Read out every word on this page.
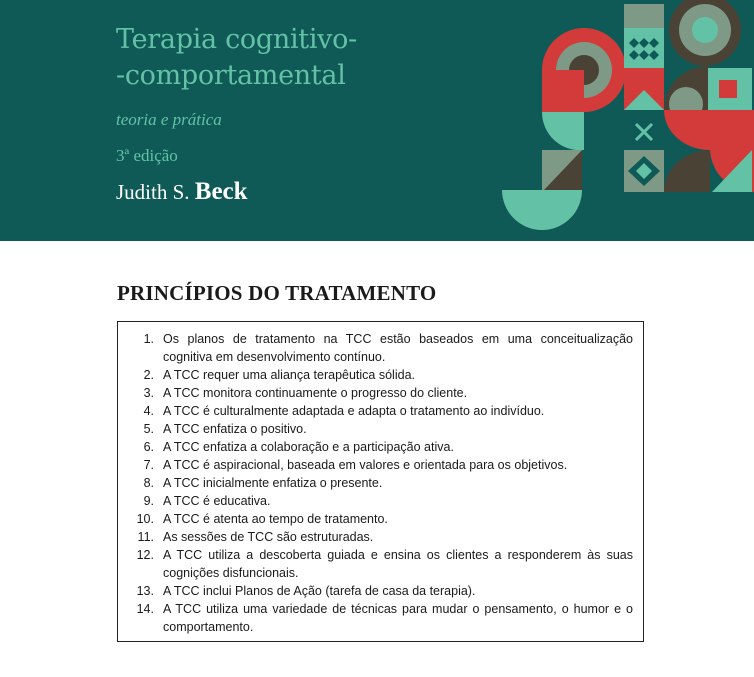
Terapia cognitivo-
-comportamental
teoria e prática
3ª edição
Judith S. Beck
PRINCÍPIOS DO TRATAMENTO
1. Os planos de tratamento na TCC estão baseados em uma conceitualização cognitiva em desenvolvimento contínuo.
2. A TCC requer uma aliança terapêutica sólida.
3. A TCC monitora continuamente o progresso do cliente.
4. A TCC é culturalmente adaptada e adapta o tratamento ao indivíduo.
5. A TCC enfatiza o positivo.
6. A TCC enfatiza a colaboração e a participação ativa.
7. A TCC é aspiracional, baseada em valores e orientada para os objetivos.
8. A TCC inicialmente enfatiza o presente.
9. A TCC é educativa.
10. A TCC é atenta ao tempo de tratamento.
11. As sessões de TCC são estruturadas.
12. A TCC utiliza a descoberta guiada e ensina os clientes a responderem às suas cognições disfuncionais.
13. A TCC inclui Planos de Ação (tarefa de casa da terapia).
14. A TCC utiliza uma variedade de técnicas para mudar o pensamento, o humor e o comportamento.
